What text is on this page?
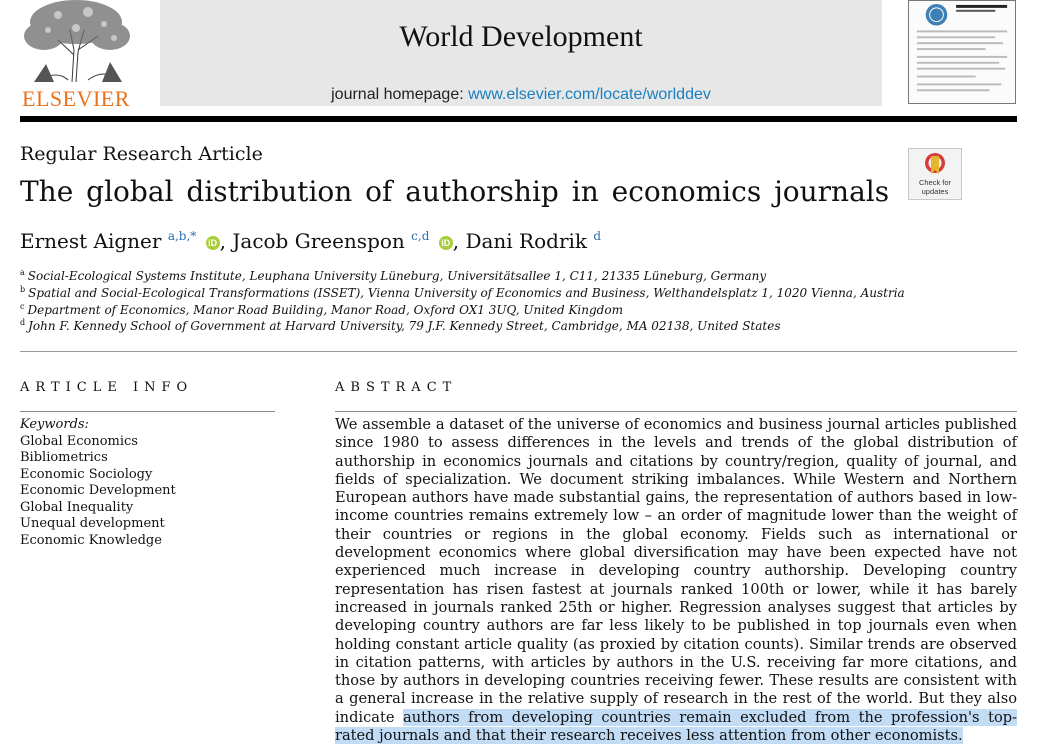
ELSEVIER
World Development
journal homepage: www.elsevier.com/locate/worlddev
Regular Research Article
The global distribution of authorship in economics journals	Check for updates
Ernest Aigner $^{a,b,*}$ iD , Jacob Greenspon $^{c,d}$ iD , Dani Rodrik $^d$
$^a$ Social-Ecological Systems Institute, Leuphana University Lüneburg, Universitätsallee 1, C11, 21335 Lüneburg, Germany
$^b$ Spatial and Social-Ecological Transformations (ISSET), Vienna University of Economics and Business, Welthandelsplatz 1, 1020 Vienna, Austria
$^c$ Department of Economics, Manor Road Building, Manor Road, Oxford OX1 3UQ, United Kingdom
$^d$ John F. Kennedy School of Government at Harvard University, 79 J.F. Kennedy Street, Cambridge, MA 02138, United States
ARTICLE INFO
Keywords:
Global Economics
Bibliometrics
Economic Sociology
Economic Development
Global Inequality
Unequal development
Economic Knowledge
ABSTRACT
We assemble a dataset of the universe of economics and business journal articles published since 1980 to assess differences in the levels and trends of the global distribution of authorship in economics journals and citations by country/region, quality of journal, and fields of specialization. We document striking imbalances. While Western and Northern European authors have made substantial gains, the representation of authors based in low-income countries remains extremely low – an order of magnitude lower than the weight of their countries or regions in the global economy. Fields such as international or development economics where global diversification may have been expected have not experienced much increase in developing country authorship. Developing country representation has risen fastest at journals ranked 100th or lower, while it has barely increased in journals ranked 25th or higher. Regression analyses suggest that articles by developing country authors are far less likely to be published in top journals even when holding constant article quality (as proxied by citation counts). Similar trends are observed in citation patterns, with articles by authors in the U.S. receiving far more citations, and those by authors in developing countries receiving fewer. These results are consistent with a general increase in the relative supply of research in the rest of the world. But they also indicate authors from developing countries remain excluded from the profession's top-rated journals and that their research receives less attention from other economists.
